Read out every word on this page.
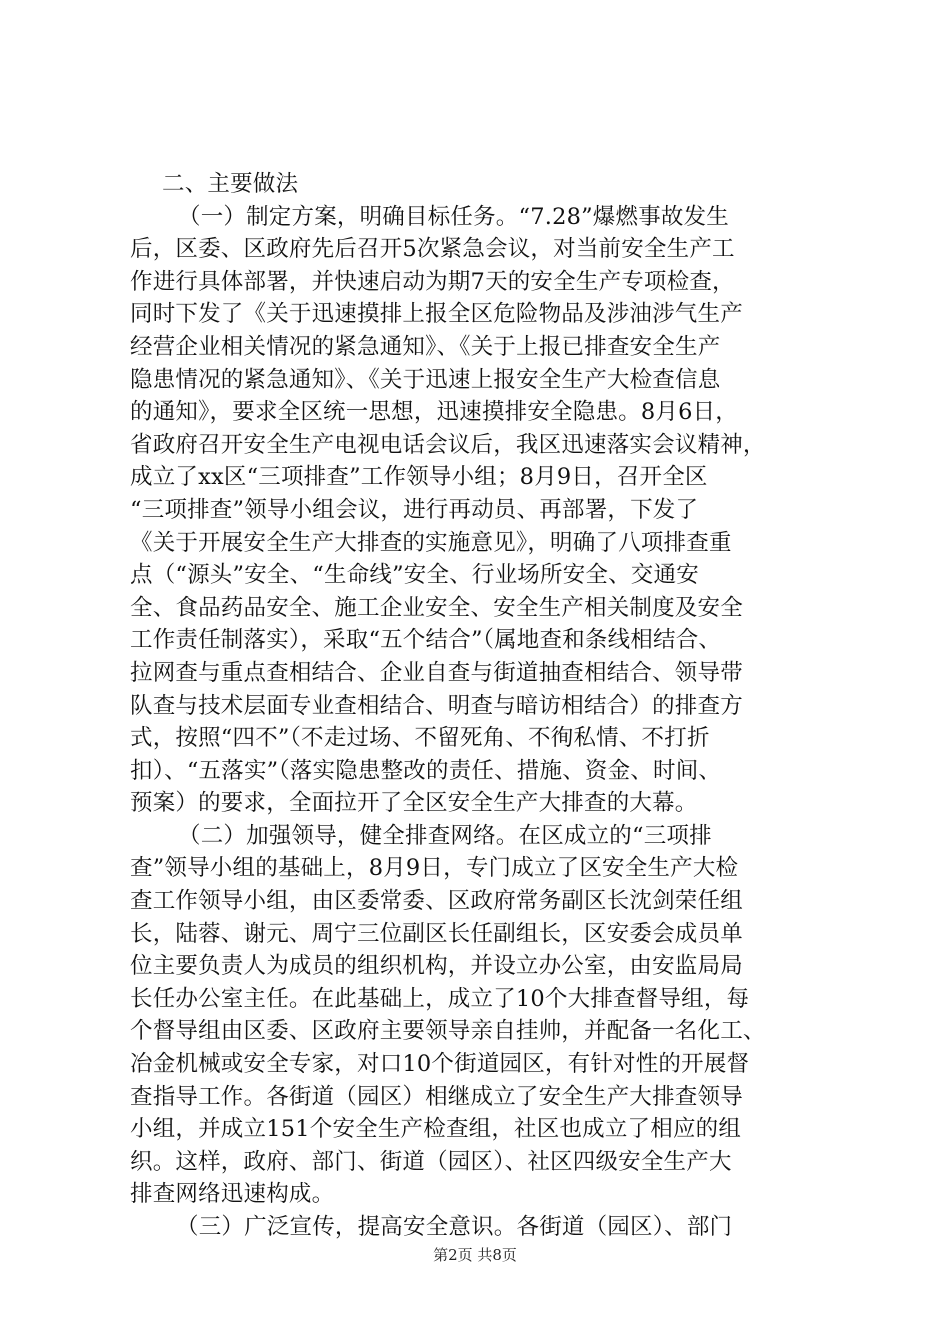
二、主要做法
（一）制定方案，明确目标任务。“7.28”爆燃事故发生
后，区委、区政府先后召开5次紧急会议，对当前安全生产工
作进行具体部署，并快速启动为期7天的安全生产专项检查，
同时下发了《关于迅速摸排上报全区危险物品及涉油涉气生产
经营企业相关情况的紧急通知》、《关于上报已排查安全生产
隐患情况的紧急通知》、《关于迅速上报安全生产大检查信息
的通知》，要求全区统一思想，迅速摸排安全隐患。8月6日，
省政府召开安全生产电视电话会议后，我区迅速落实会议精神，
成立了xx区“三项排查”工作领导小组；8月9日，召开全区
“三项排查”领导小组会议，进行再动员、再部署，下发了
《关于开展安全生产大排查的实施意见》，明确了八项排查重
点（“源头”安全、“生命线”安全、行业场所安全、交通安
全、食品药品安全、施工企业安全、安全生产相关制度及安全
工作责任制落实），采取“五个结合”（属地查和条线相结合、
拉网查与重点查相结合、企业自查与街道抽查相结合、领导带
队查与技术层面专业查相结合、明查与暗访相结合）的排查方
式，按照“四不”（不走过场、不留死角、不徇私情、不打折
扣）、“五落实”（落实隐患整改的责任、措施、资金、时间、
预案）的要求，全面拉开了全区安全生产大排查的大幕。
（二）加强领导，健全排查网络。在区成立的“三项排
查”领导小组的基础上，8月9日，专门成立了区安全生产大检
查工作领导小组，由区委常委、区政府常务副区长沈剑荣任组
长，陆蓉、谢元、周宁三位副区长任副组长，区安委会成员单
位主要负责人为成员的组织机构，并设立办公室，由安监局局
长任办公室主任。在此基础上，成立了10个大排查督导组，每
个督导组由区委、区政府主要领导亲自挂帅，并配备一名化工、
冶金机械或安全专家，对口10个街道园区，有针对性的开展督
查指导工作。各街道（园区）相继成立了安全生产大排查领导
小组，并成立151个安全生产检查组，社区也成立了相应的组
织。这样，政府、部门、街道（园区）、社区四级安全生产大
排查网络迅速构成。
（三）广泛宣传，提高安全意识。各街道（园区）、部门
第2页 共8页
